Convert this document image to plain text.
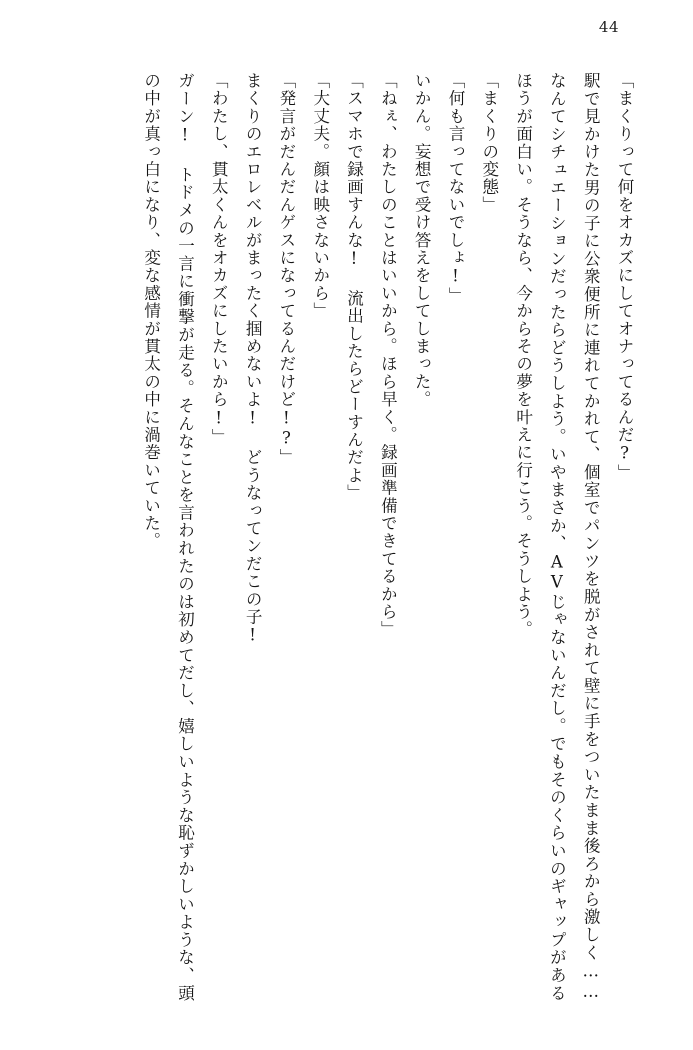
44

「まくりって何をオカズにしてオナってるんだ?」

駅で見かけた男の子に公衆便所に連れてかれて、個室でパンツを脱がされて壁に手をついたまま後ろから激しく……なんてシチュエーションだったらどうしよう。いやまさか、AVじゃないんだし。でもそのくらいのギャップがあるほうが面白い。そうなら、今からその夢を叶えに行こう。そうしよう。

「まくりの変態」

「何も言ってないでしょ!」

いかん。妄想で受け答えをしてしまった。

「ねぇ、わたしのことはいいから。ほら早く。録画準備できてるから」

「スマホで録画すんな! 流出したらどーすんだよ」

「大丈夫。顔は映さないから」

「発言がだんだんゲスになってるんだけど!?」

まくりのエロレベルがまったく掴めないよ! どうなってンだこの子!

「わたし、貫太くんをオカズにしたいから!」

ガーン! トドメの一言に衝撃が走る。そんなことを言われたのは初めてだし、嬉しいような恥ずかしいような、頭の中が真っ白になり、変な感情が貫太の中に渦巻いていた。
